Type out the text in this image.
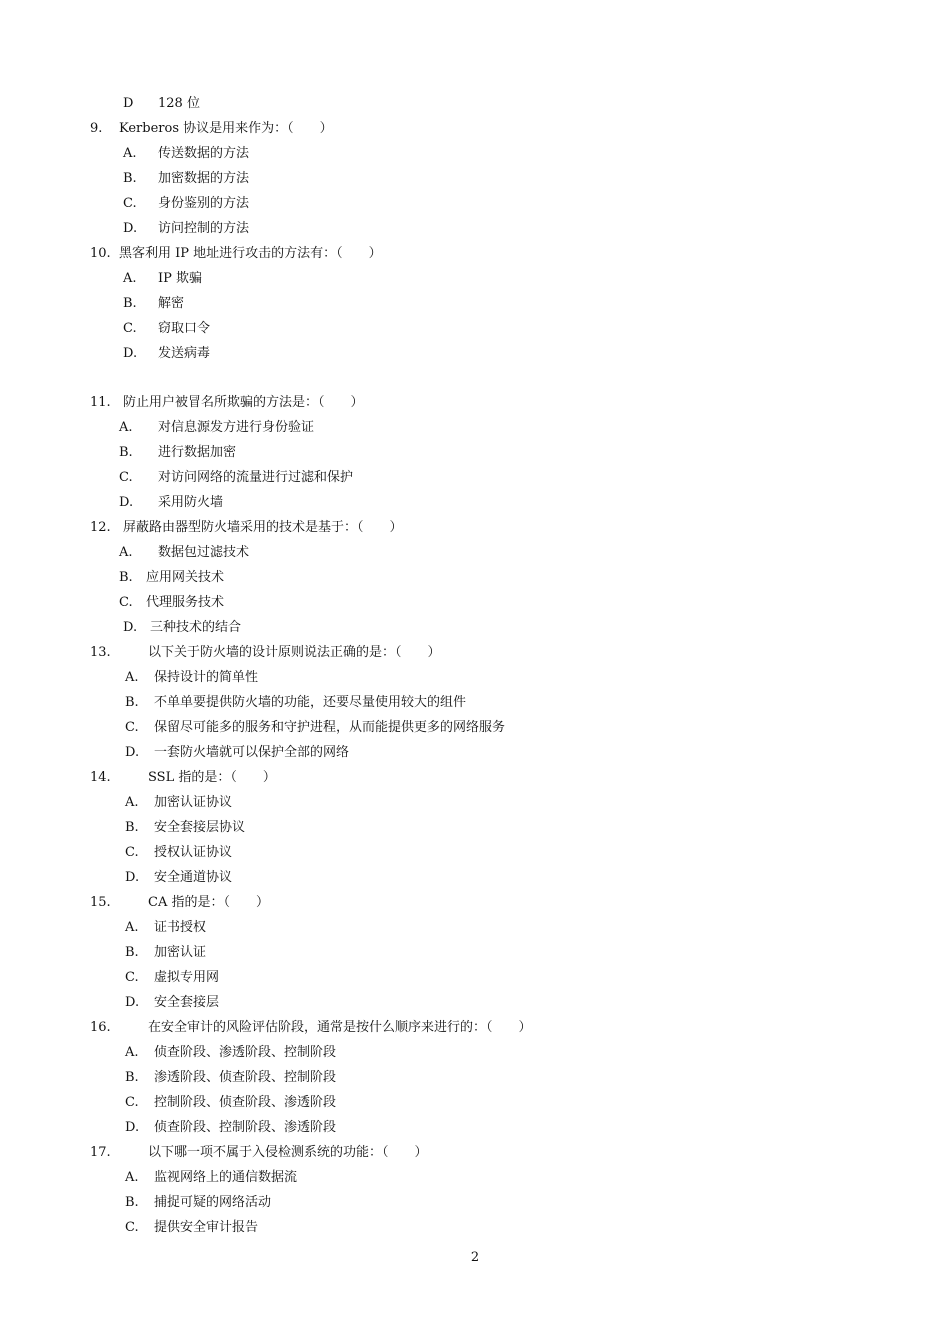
D 128 位
9. Kerberos 协议是用来作为：（　　）
A. 传送数据的方法
B. 加密数据的方法
C. 身份鉴别的方法
D. 访问控制的方法
10. 黑客利用 IP 地址进行攻击的方法有：（　　）
A. IP 欺骗
B. 解密
C. 窃取口令
D. 发送病毒
11. 防止用户被冒名所欺骗的方法是：（　　）
A. 对信息源发方进行身份验证
B. 进行数据加密
C. 对访问网络的流量进行过滤和保护
D. 采用防火墙
12. 屏蔽路由器型防火墙采用的技术是基于：（　　）
A. 数据包过滤技术
B. 应用网关技术
C. 代理服务技术
D. 三种技术的结合
13.	以下关于防火墙的设计原则说法正确的是：（　　）
A. 保持设计的简单性
B. 不单单要提供防火墙的功能，还要尽量使用较大的组件
C. 保留尽可能多的服务和守护进程，从而能提供更多的网络服务
D. 一套防火墙就可以保护全部的网络
14.	SSL 指的是：（　　）
A. 加密认证协议
B. 安全套接层协议
C. 授权认证协议
D. 安全通道协议
15.	CA 指的是：（　　）
A. 证书授权
B. 加密认证
C. 虚拟专用网
D. 安全套接层
16.	在安全审计的风险评估阶段，通常是按什么顺序来进行的：（　　）
A. 侦查阶段、渗透阶段、控制阶段
B. 渗透阶段、侦查阶段、控制阶段
C. 控制阶段、侦查阶段、渗透阶段
D. 侦查阶段、控制阶段、渗透阶段
17.	以下哪一项不属于入侵检测系统的功能：（　　）
A. 监视网络上的通信数据流
B. 捕捉可疑的网络活动
C. 提供安全审计报告
2
